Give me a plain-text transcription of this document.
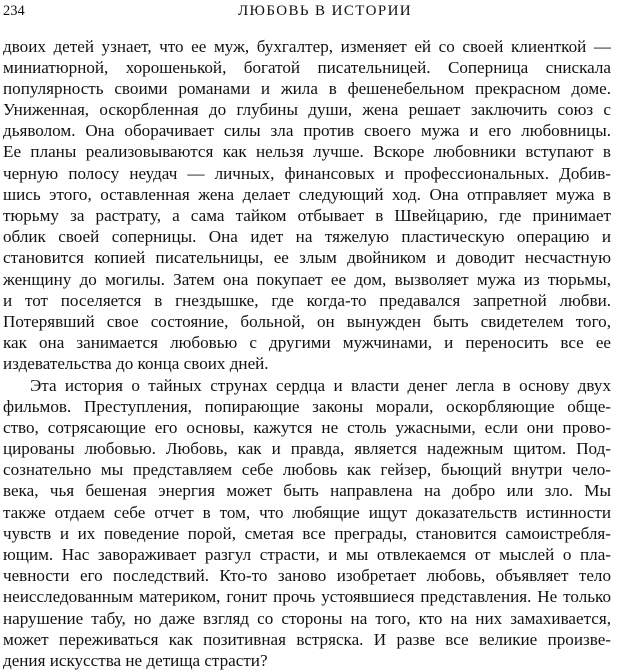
234	ЛЮБОВЬ В ИСТОРИИ
двоих детей узнает, что ее муж, бухгалтер, изменяет ей со своей клиенткой —
миниатюрной, хорошенькой, богатой писательницей. Соперница снискала
популярность своими романами и жила в фешенебельном прекрасном доме.
Униженная, оскорбленная до глубины души, жена решает заключить союз с
дьяволом. Она оборачивает силы зла против своего мужа и его любовницы.
Ее планы реализовываются как нельзя лучше. Вскоре любовники вступают в
черную полосу неудач — личных, финансовых и профессиональных. Добив-
шись этого, оставленная жена делает следующий ход. Она отправляет мужа в
тюрьму за растрату, а сама тайком отбывает в Швейцарию, где принимает
облик своей соперницы. Она идет на тяжелую пластическую операцию и
становится копией писательницы, ее злым двойником и доводит несчастную
женщину до могилы. Затем она покупает ее дом, вызволяет мужа из тюрьмы,
и тот поселяется в гнездышке, где когда-то предавался запретной любви.
Потерявший свое состояние, больной, он вынужден быть свидетелем того,
как она занимается любовью с другими мужчинами, и переносить все ее
издевательства до конца своих дней.
Эта история о тайных струнах сердца и власти денег легла в основу двух
фильмов. Преступления, попирающие законы морали, оскорбляющие обще-
ство, сотрясающие его основы, кажутся не столь ужасными, если они прово-
цированы любовью. Любовь, как и правда, является надежным щитом. Под-
сознательно мы представляем себе любовь как гейзер, бьющий внутри чело-
века, чья бешеная энергия может быть направлена на добро или зло. Мы
также отдаем себе отчет в том, что любящие ищут доказательств истинности
чувств и их поведение порой, сметая все преграды, становится самоистребля-
ющим. Нас завораживает разгул страсти, и мы отвлекаемся от мыслей о пла-
чевности его последствий. Кто-то заново изобретает любовь, объявляет тело
неисследованным материком, гонит прочь устоявшиеся представления. Не только
нарушение табу, но даже взгляд со стороны на того, кто на них замахивается,
может переживаться как позитивная встряска. И разве все великие произве-
дения искусства не детища страсти?
